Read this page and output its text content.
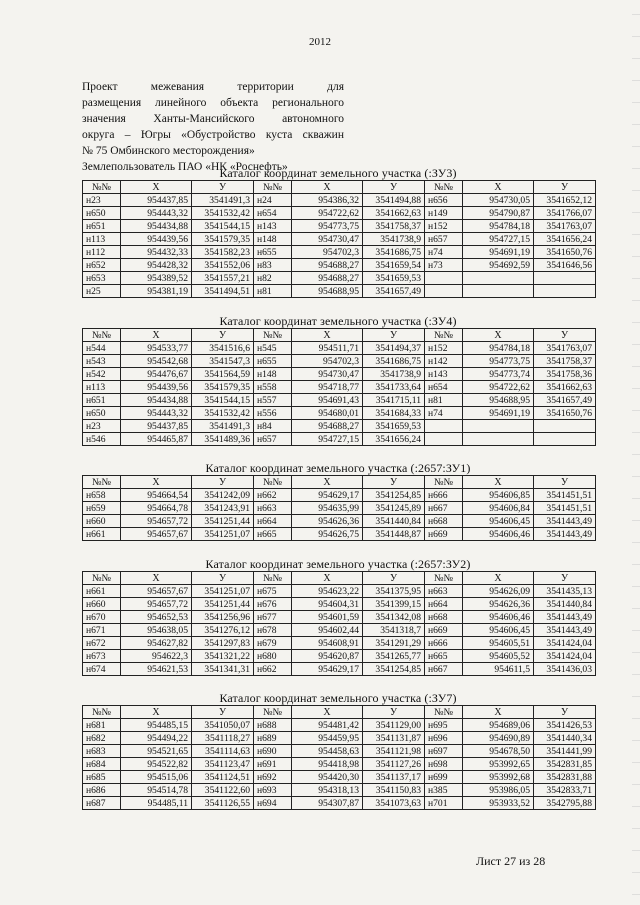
2012
Проект межевания территории для
размещения линейного объекта регионального
значения Ханты-Мансийского автономного
округа – Югры «Обустройство куста скважин
№ 75 Омбинского месторождения»
Землепользователь ПАО «НК «Роснефть»
Каталог координат земельного участка (:ЗУ3)
№№	X	У	№№	X	У	№№	X	У
н23	954437,85	3541491,3	н24	954386,32	3541494,88	н656	954730,05	3541652,12
н650	954443,32	3541532,42	н654	954722,62	3541662,63	н149	954790,87	3541766,07
н651	954434,88	3541544,15	н143	954773,75	3541758,37	н152	954784,18	3541763,07
н113	954439,56	3541579,35	н148	954730,47	3541738,9	н657	954727,15	3541656,24
н112	954432,33	3541582,23	н655	954702,3	3541686,75	н74	954691,19	3541650,76
н652	954428,32	3541552,06	н83	954688,27	3541659,54	н73	954692,59	3541646,56
н653	954389,52	3541557,21	н82	954688,27	3541659,53			
н25	954381,19	3541494,51	н81	954688,95	3541657,49			
Каталог координат земельного участка (:ЗУ4)
№№	X	У	№№	X	У	№№	X	У
н544	954533,77	3541516,6	н545	954511,71	3541494,37	н152	954784,18	3541763,07
н543	954542,68	3541547,3	н655	954702,3	3541686,75	н142	954773,75	3541758,37
н542	954476,67	3541564,59	н148	954730,47	3541738,9	н143	954773,74	3541758,36
н113	954439,56	3541579,35	н558	954718,77	3541733,64	н654	954722,62	3541662,63
н651	954434,88	3541544,15	н557	954691,43	3541715,11	н81	954688,95	3541657,49
н650	954443,32	3541532,42	н556	954680,01	3541684,33	н74	954691,19	3541650,76
н23	954437,85	3541491,3	н84	954688,27	3541659,53			
н546	954465,87	3541489,36	н657	954727,15	3541656,24			
Каталог координат земельного участка (:2657:ЗУ1)
№№	X	У	№№	X	У	№№	X	У
н658	954664,54	3541242,09	н662	954629,17	3541254,85	н666	954606,85	3541451,51
н659	954664,78	3541243,91	н663	954635,99	3541245,89	н667	954606,84	3541451,51
н660	954657,72	3541251,44	н664	954626,36	3541440,84	н668	954606,45	3541443,49
н661	954657,67	3541251,07	н665	954626,75	3541448,87	н669	954606,46	3541443,49
Каталог координат земельного участка (:2657:ЗУ2)
№№	X	У	№№	X	У	№№	X	У
н661	954657,67	3541251,07	н675	954623,22	3541375,95	н663	954626,09	3541435,13
н660	954657,72	3541251,44	н676	954604,31	3541399,15	н664	954626,36	3541440,84
н670	954652,53	3541256,96	н677	954601,59	3541342,08	н668	954606,46	3541443,49
н671	954638,05	3541276,12	н678	954602,44	3541318,7	н669	954606,45	3541443,49
н672	954627,82	3541297,83	н679	954608,91	3541291,29	н666	954605,51	3541424,04
н673	954622,3	3541321,22	н680	954620,87	3541265,77	н665	954605,52	3541424,04
н674	954621,53	3541341,31	н662	954629,17	3541254,85	н667	954611,5	3541436,03
Каталог координат земельного участка (:ЗУ7)
№№	X	У	№№	X	У	№№	X	У
н681	954485,15	3541050,07	н688	954481,42	3541129,00	н695	954689,06	3541426,53
н682	954494,22	3541118,27	н689	954459,95	3541131,87	н696	954690,89	3541440,34
н683	954521,65	3541114,63	н690	954458,63	3541121,98	н697	954678,50	3541441,99
н684	954522,82	3541123,47	н691	954418,98	3541127,26	н698	953992,65	3542831,85
н685	954515,06	3541124,51	н692	954420,30	3541137,17	н699	953992,68	3542831,88
н686	954514,78	3541122,60	н693	954318,13	3541150,83	н385	953986,05	3542833,71
н687	954485,11	3541126,55	н694	954307,87	3541073,63	н701	953933,52	3542795,88
Лист 27 из 28
